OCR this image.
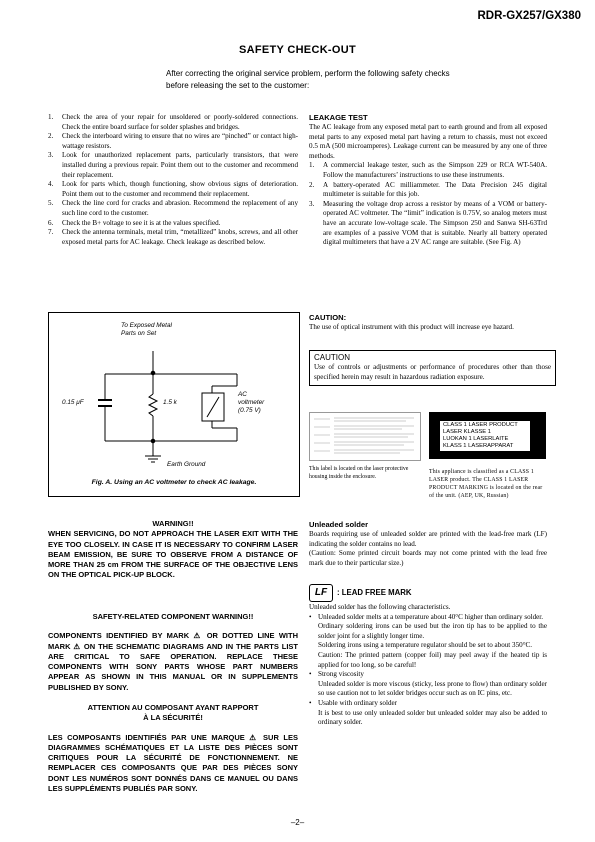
RDR-GX257/GX380
SAFETY CHECK-OUT
After correcting the original service problem, perform the following safety checks before releasing the set to the customer:
1. Check the area of your repair for unsoldered or poorly-soldered connections. Check the entire board surface for solder splashes and bridges.
2. Check the interboard wiring to ensure that no wires are “pinched” or contact high-wattage resistors.
3. Look for unauthorized replacement parts, particularly transistors, that were installed during a previous repair. Point them out to the customer and recommend their replacement.
4. Look for parts which, though functioning, show obvious signs of deterioration. Point them out to the customer and recommend their replacement.
5. Check the line cord for cracks and abrasion. Recommend the replacement of any such line cord to the customer.
6. Check the B+ voltage to see it is at the values specified.
7. Check the antenna terminals, metal trim, “metallized” knobs, screws, and all other exposed metal parts for AC leakage. Check leakage as described below.
To Exposed Metal
Parts on Set
0.15 μF	1.5 k
AC
voltmeter
(0.75 V)
Earth Ground
Fig. A. Using an AC voltmeter to check AC leakage.
LEAKAGE TEST
The AC leakage from any exposed metal part to earth ground and from all exposed metal parts to any exposed metal part having a return to chassis, must not exceed 0.5 mA (500 microamperes). Leakage current can be measured by any one of three methods.
1. A commercial leakage tester, such as the Simpson 229 or RCA WT-540A. Follow the manufacturers’ instructions to use these instruments.
2. A battery-operated AC milliammeter. The Data Precision 245 digital multimeter is suitable for this job.
3. Measuring the voltage drop across a resistor by means of a VOM or battery-operated AC voltmeter. The “limit” indication is 0.75V, so analog meters must have an accurate low-voltage scale. The Simpson 250 and Sanwa SH-63Trd are examples of a passive VOM that is suitable. Nearly all battery operated digital multimeters that have a 2V AC range are suitable. (See Fig. A)
CAUTION:
The use of optical instrument with this product will increase eye hazard.
CAUTION
Use of controls or adjustments or performance of procedures other than those specified herein may result in hazardous radiation exposure.
CLASS 1 LASER PRODUCT
LASER KLASSE 1
LUOKAN 1 LASERLAITE
KLASS 1 LASERAPPARAT
This label is located on the laser protective housing inside the enclosure.
This appliance is classified as a CLASS 1 LASER product. The CLASS 1 LASER PRODUCT MARKING is located on the rear of the unit. (AEP, UK, Russian)
WARNING!!
WHEN SERVICING, DO NOT APPROACH THE LASER EXIT WITH THE EYE TOO CLOSELY. IN CASE IT IS NECESSARY TO CONFIRM LASER BEAM EMISSION, BE SURE TO OBSERVE FROM A DISTANCE OF MORE THAN 25 cm FROM THE SURFACE OF THE OBJECTIVE LENS ON THE OPTICAL PICK-UP BLOCK.
SAFETY-RELATED COMPONENT WARNING!!
COMPONENTS IDENTIFIED BY MARK ⚠ OR DOTTED LINE WITH MARK ⚠ ON THE SCHEMATIC DIAGRAMS AND IN THE PARTS LIST ARE CRITICAL TO SAFE OPERATION. REPLACE THESE COMPONENTS WITH SONY PARTS WHOSE PART NUMBERS APPEAR AS SHOWN IN THIS MANUAL OR IN SUPPLEMENTS PUBLISHED BY SONY.
ATTENTION AU COMPOSANT AYANT RAPPORT
À LA SÉCURITÉ!
LES COMPOSANTS IDENTIFIÉS PAR UNE MARQUE ⚠ SUR LES DIAGRAMMES SCHÉMATIQUES ET LA LISTE DES PIÈCES SONT CRITIQUES POUR LA SÉCURITÉ DE FONCTIONNEMENT. NE REMPLACER CES COMPOSANTS QUE PAR DES PIÈCES SONY DONT LES NUMÉROS SONT DONNÉS DANS CE MANUEL OU DANS LES SUPPLÉMENTS PUBLIÉS PAR SONY.
Unleaded solder
Boards requiring use of unleaded solder are printed with the lead-free mark (LF) indicating the solder contains no lead.
(Caution: Some printed circuit boards may not come printed with the lead free mark due to their particular size.)
LF	: LEAD FREE MARK
Unleaded solder has the following characteristics.
• Unleaded solder melts at a temperature about 40°C higher than ordinary solder.
Ordinary soldering irons can be used but the iron tip has to be applied to the solder joint for a slightly longer time.
Soldering irons using a temperature regulator should be set to about 350°C.
Caution: The printed pattern (copper foil) may peel away if the heated tip is applied for too long, so be careful!
• Strong viscosity
Unleaded solder is more viscous (sticky, less prone to flow) than ordinary solder so use caution not to let solder bridges occur such as on IC pins, etc.
• Usable with ordinary solder
It is best to use only unleaded solder but unleaded solder may also be added to ordinary solder.
–2–
